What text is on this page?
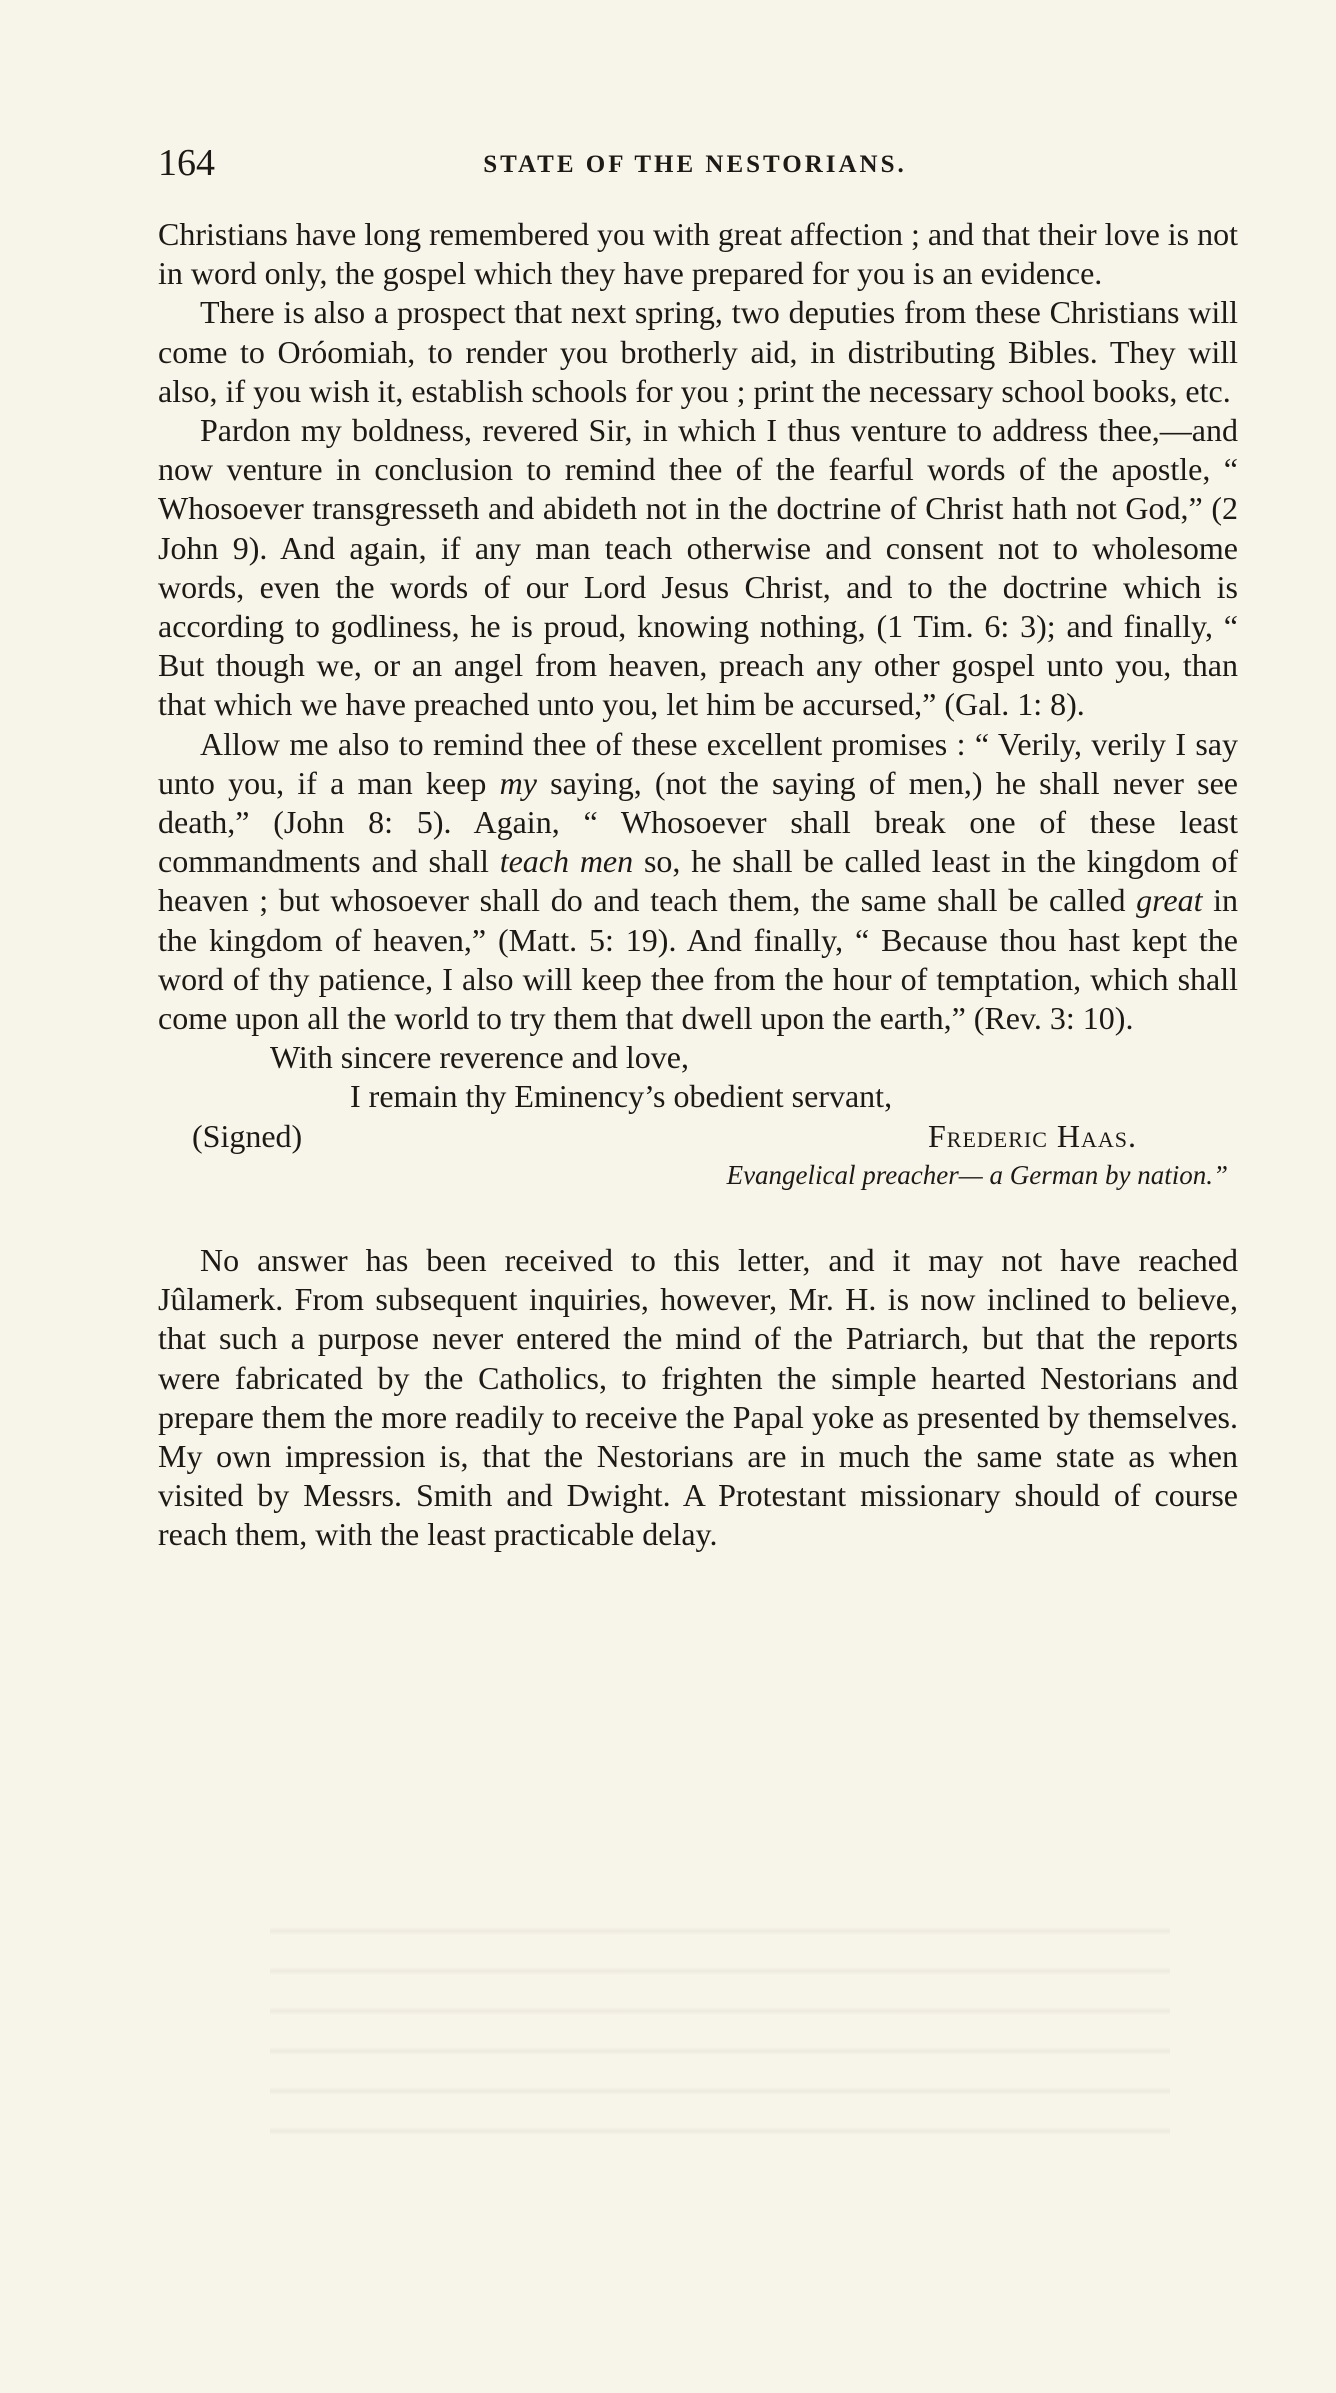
164	STATE OF THE NESTORIANS.

Christians have long remembered you with great affection ; and that their love is not in word only, the gospel which they have prepared for you is an evidence.

There is also a prospect that next spring, two deputies from these Christians will come to Oróomiah, to render you brotherly aid, in distributing Bibles. They will also, if you wish it, establish schools for you ; print the necessary school books, etc.

Pardon my boldness, revered Sir, in which I thus venture to address thee,—and now venture in conclusion to remind thee of the fearful words of the apostle, “ Whosoever transgresseth and abideth not in the doctrine of Christ hath not God,” (2 John 9). And again, if any man teach otherwise and consent not to wholesome words, even the words of our Lord Jesus Christ, and to the doctrine which is according to godliness, he is proud, knowing nothing, (1 Tim. 6: 3); and finally, “ But though we, or an angel from heaven, preach any other gospel unto you, than that which we have preached unto you, let him be accursed,” (Gal. 1: 8).

Allow me also to remind thee of these excellent promises : “ Verily, verily I say unto you, if a man keep my saying, (not the saying of men,) he shall never see death,” (John 8: 5). Again, “ Whosoever shall break one of these least commandments and shall teach men so, he shall be called least in the kingdom of heaven ; but whosoever shall do and teach them, the same shall be called great in the kingdom of heaven,” (Matt. 5: 19). And finally, “ Because thou hast kept the word of thy patience, I also will keep thee from the hour of temptation, which shall come upon all the world to try them that dwell upon the earth,” (Rev. 3: 10).

With sincere reverence and love,
I remain thy Eminency’s obedient servant,
(Signed)	Frederic Haas.
Evangelical preacher— a German by nation.”

No answer has been received to this letter, and it may not have reached Jûlamerk. From subsequent inquiries, however, Mr. H. is now inclined to believe, that such a purpose never entered the mind of the Patriarch, but that the reports were fabricated by the Catholics, to frighten the simple hearted Nestorians and prepare them the more readily to receive the Papal yoke as presented by themselves. My own impression is, that the Nestorians are in much the same state as when visited by Messrs. Smith and Dwight. A Protestant missionary should of course reach them, with the least practicable delay.
